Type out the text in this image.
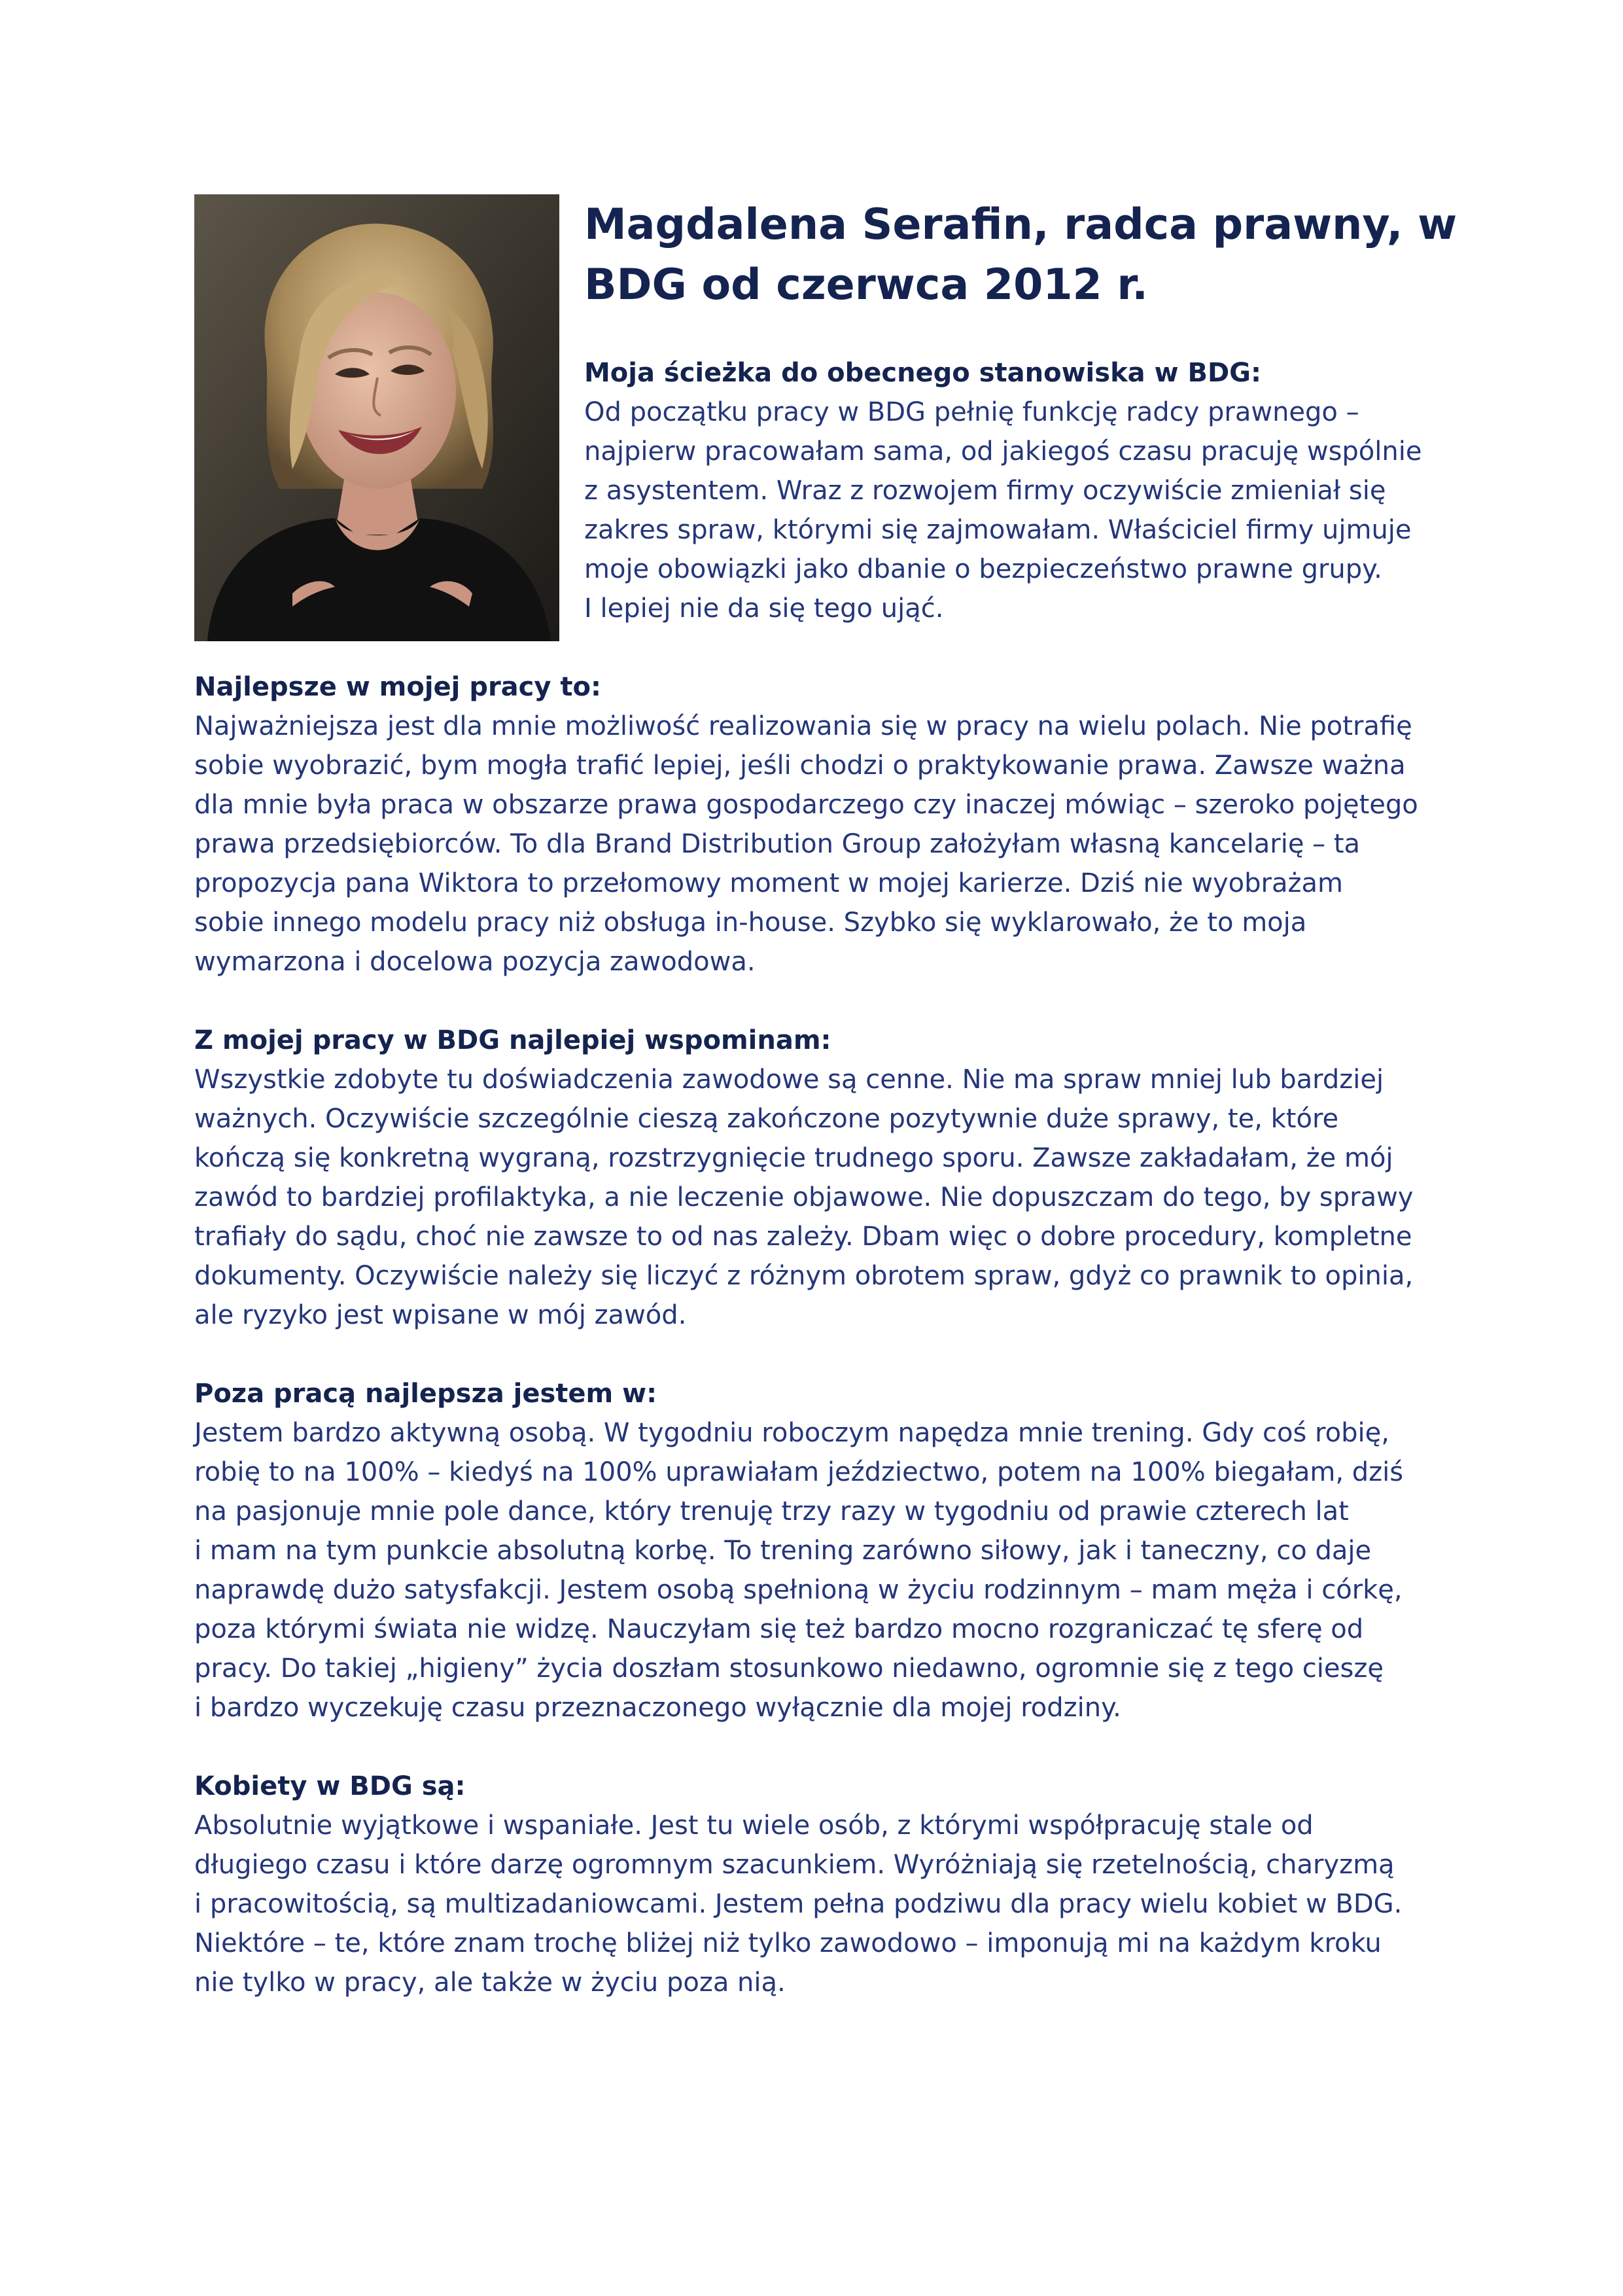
Magdalena Serafin, radca prawny, w
BDG od czerwca 2012 r.
Moja ścieżka do obecnego stanowiska w BDG:
Od początku pracy w BDG pełnię funkcję radcy prawnego –
najpierw pracowałam sama, od jakiegoś czasu pracuję wspólnie
z asystentem. Wraz z rozwojem firmy oczywiście zmieniał się
zakres spraw, którymi się zajmowałam. Właściciel firmy ujmuje
moje obowiązki jako dbanie o bezpieczeństwo prawne grupy.
I lepiej nie da się tego ująć.
Najlepsze w mojej pracy to:
Najważniejsza jest dla mnie możliwość realizowania się w pracy na wielu polach. Nie potrafię
sobie wyobrazić, bym mogła trafić lepiej, jeśli chodzi o praktykowanie prawa. Zawsze ważna
dla mnie była praca w obszarze prawa gospodarczego czy inaczej mówiąc – szeroko pojętego
prawa przedsiębiorców. To dla Brand Distribution Group założyłam własną kancelarię – ta
propozycja pana Wiktora to przełomowy moment w mojej karierze. Dziś nie wyobrażam
sobie innego modelu pracy niż obsługa in-house. Szybko się wyklarowało, że to moja
wymarzona i docelowa pozycja zawodowa.
Z mojej pracy w BDG najlepiej wspominam:
Wszystkie zdobyte tu doświadczenia zawodowe są cenne. Nie ma spraw mniej lub bardziej
ważnych. Oczywiście szczególnie cieszą zakończone pozytywnie duże sprawy, te, które
kończą się konkretną wygraną, rozstrzygnięcie trudnego sporu. Zawsze zakładałam, że mój
zawód to bardziej profilaktyka, a nie leczenie objawowe. Nie dopuszczam do tego, by sprawy
trafiały do sądu, choć nie zawsze to od nas zależy. Dbam więc o dobre procedury, kompletne
dokumenty. Oczywiście należy się liczyć z różnym obrotem spraw, gdyż co prawnik to opinia,
ale ryzyko jest wpisane w mój zawód.
Poza pracą najlepsza jestem w:
Jestem bardzo aktywną osobą. W tygodniu roboczym napędza mnie trening. Gdy coś robię,
robię to na 100% – kiedyś na 100% uprawiałam jeździectwo, potem na 100% biegałam, dziś
na pasjonuje mnie pole dance, który trenuję trzy razy w tygodniu od prawie czterech lat
i mam na tym punkcie absolutną korbę. To trening zarówno siłowy, jak i taneczny, co daje
naprawdę dużo satysfakcji. Jestem osobą spełnioną w życiu rodzinnym – mam męża i córkę,
poza którymi świata nie widzę. Nauczyłam się też bardzo mocno rozgraniczać tę sferę od
pracy. Do takiej „higieny” życia doszłam stosunkowo niedawno, ogromnie się z tego cieszę
i bardzo wyczekuję czasu przeznaczonego wyłącznie dla mojej rodziny.
Kobiety w BDG są:
Absolutnie wyjątkowe i wspaniałe. Jest tu wiele osób, z którymi współpracuję stale od
długiego czasu i które darzę ogromnym szacunkiem. Wyróżniają się rzetelnością, charyzmą
i pracowitością, są multizadaniowcami. Jestem pełna podziwu dla pracy wielu kobiet w BDG.
Niektóre – te, które znam trochę bliżej niż tylko zawodowo – imponują mi na każdym kroku
nie tylko w pracy, ale także w życiu poza nią.
